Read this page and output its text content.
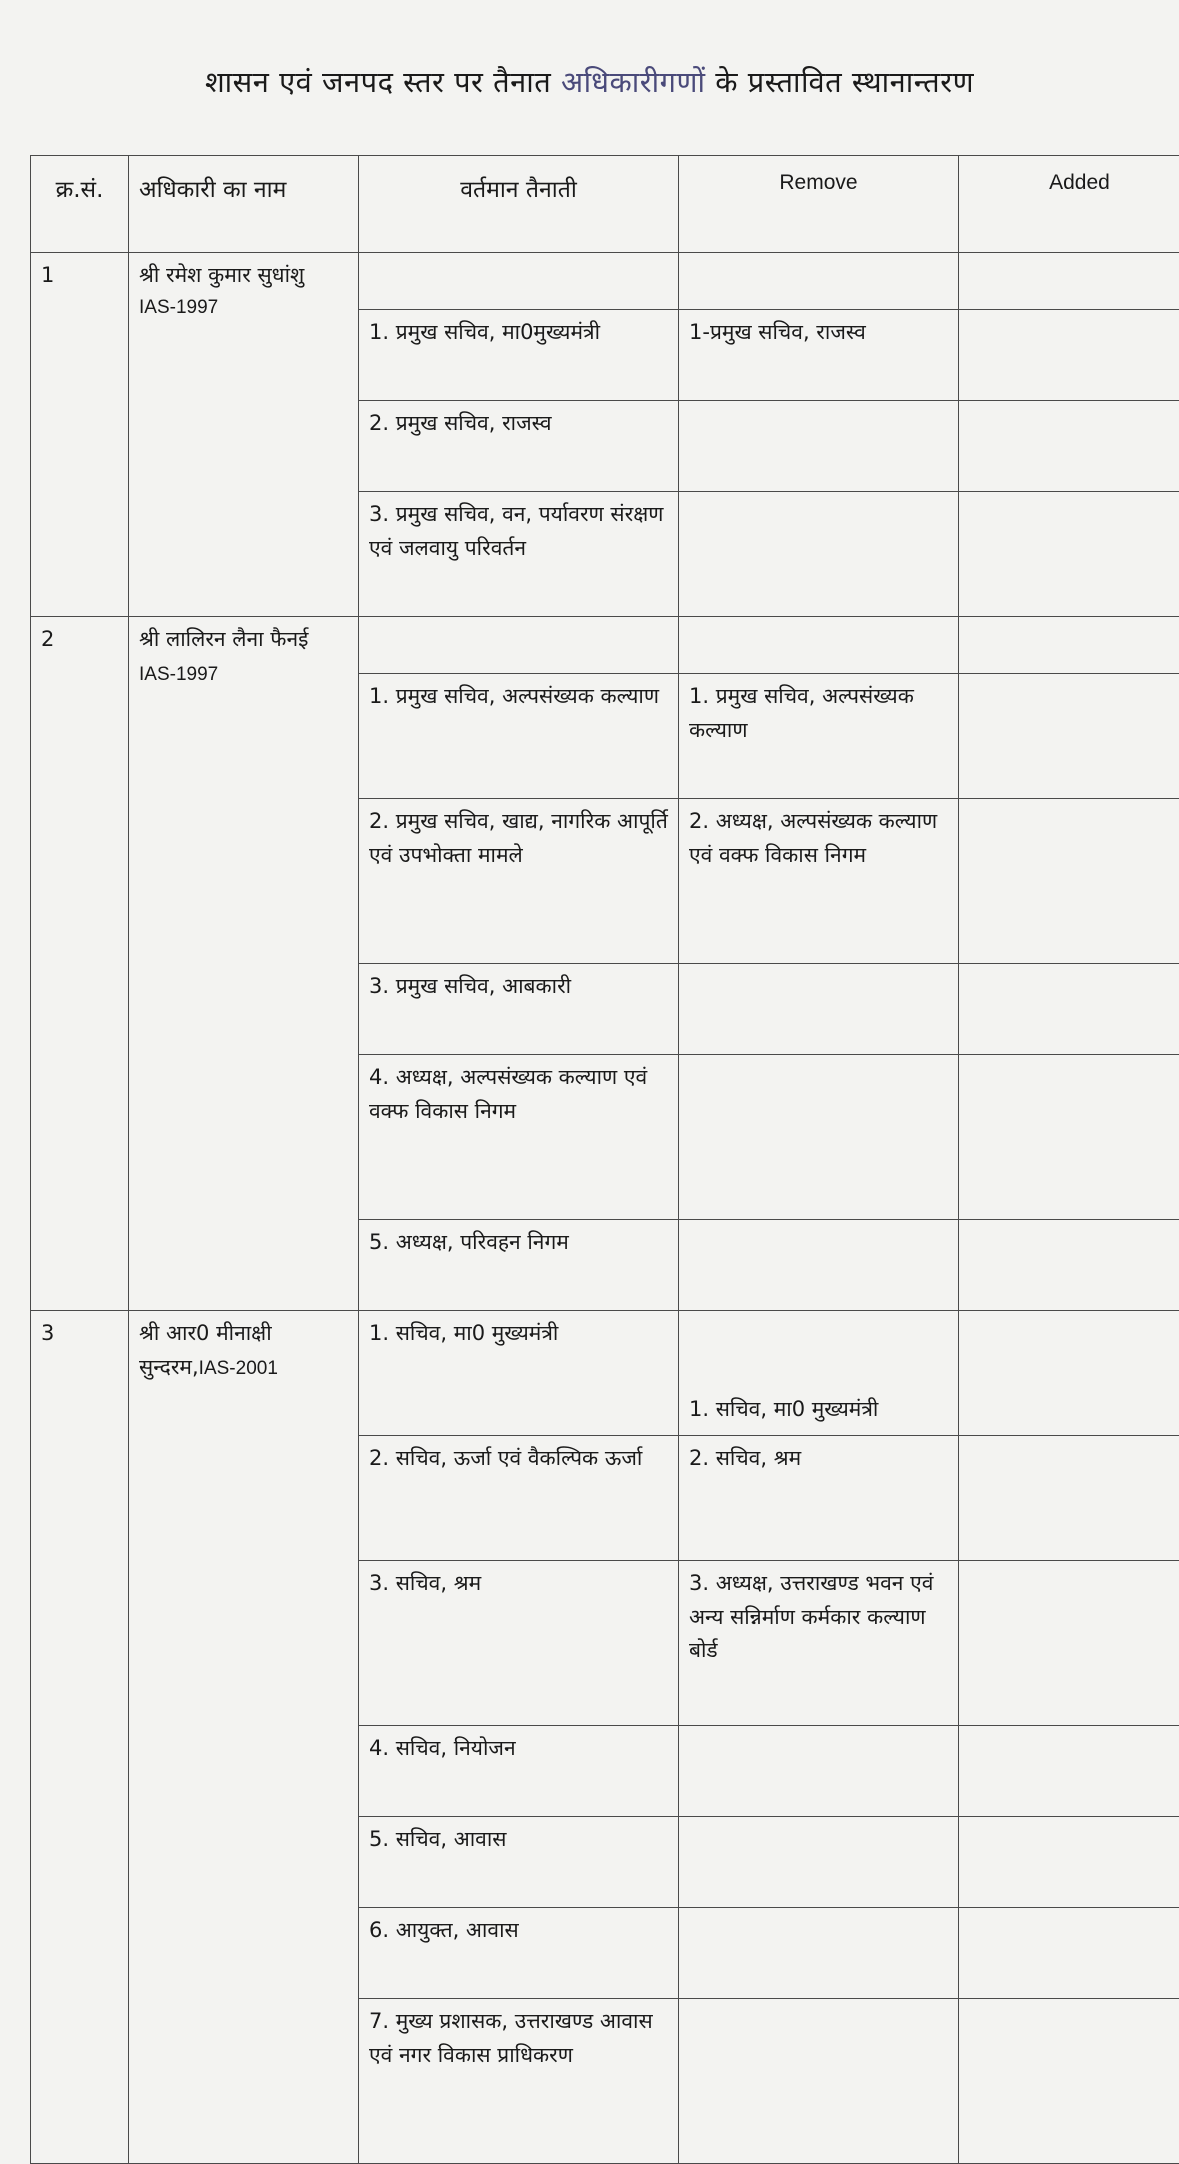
शासन एवं जनपद स्तर पर तैनात अधिकारीगणों के प्रस्तावित स्थानान्तरण
क्र.सं.	अधिकारी का नाम	वर्तमान तैनाती	Remove	Added
1	श्री रमेश कुमार सुधांशु
IAS-1997			

		1. प्रमुख सचिव, मा0मुख्यमंत्री	1-प्रमुख सचिव, राजस्व	
		2. प्रमुख सचिव, राजस्व		
		3. प्रमुख सचिव, वन, पर्यावरण संरक्षण एवं जलवायु परिवर्तन		
2	श्री लालिरन लैना फैनई IAS-1997			
		1. प्रमुख सचिव, अल्पसंख्यक कल्याण	1. प्रमुख सचिव, अल्पसंख्यक कल्याण	
		2. प्रमुख सचिव, खाद्य, नागरिक आपूर्ति एवं उपभोक्ता मामले	2. अध्यक्ष, अल्पसंख्यक कल्याण एवं वक्फ विकास निगम	
		3. प्रमुख सचिव, आबकारी		
		4. अध्यक्ष, अल्पसंख्यक कल्याण एवं वक्फ विकास निगम		
		5. अध्यक्ष, परिवहन निगम		
3	श्री आर0 मीनाक्षी सुन्दरम,IAS-2001	1. सचिव, मा0 मुख्यमंत्री	1. सचिव, मा0 मुख्यमंत्री	
		2. सचिव, ऊर्जा एवं वैकल्पिक ऊर्जा	2. सचिव, श्रम	
		3. सचिव, श्रम	3. अध्यक्ष, उत्तराखण्ड भवन एवं अन्य सन्निर्माण कर्मकार कल्याण बोर्ड	
		4. सचिव, नियोजन		
		5. सचिव, आवास		
		6. आयुक्त, आवास		
		7. मुख्य प्रशासक, उत्तराखण्ड आवास एवं नगर विकास प्राधिकरण		
